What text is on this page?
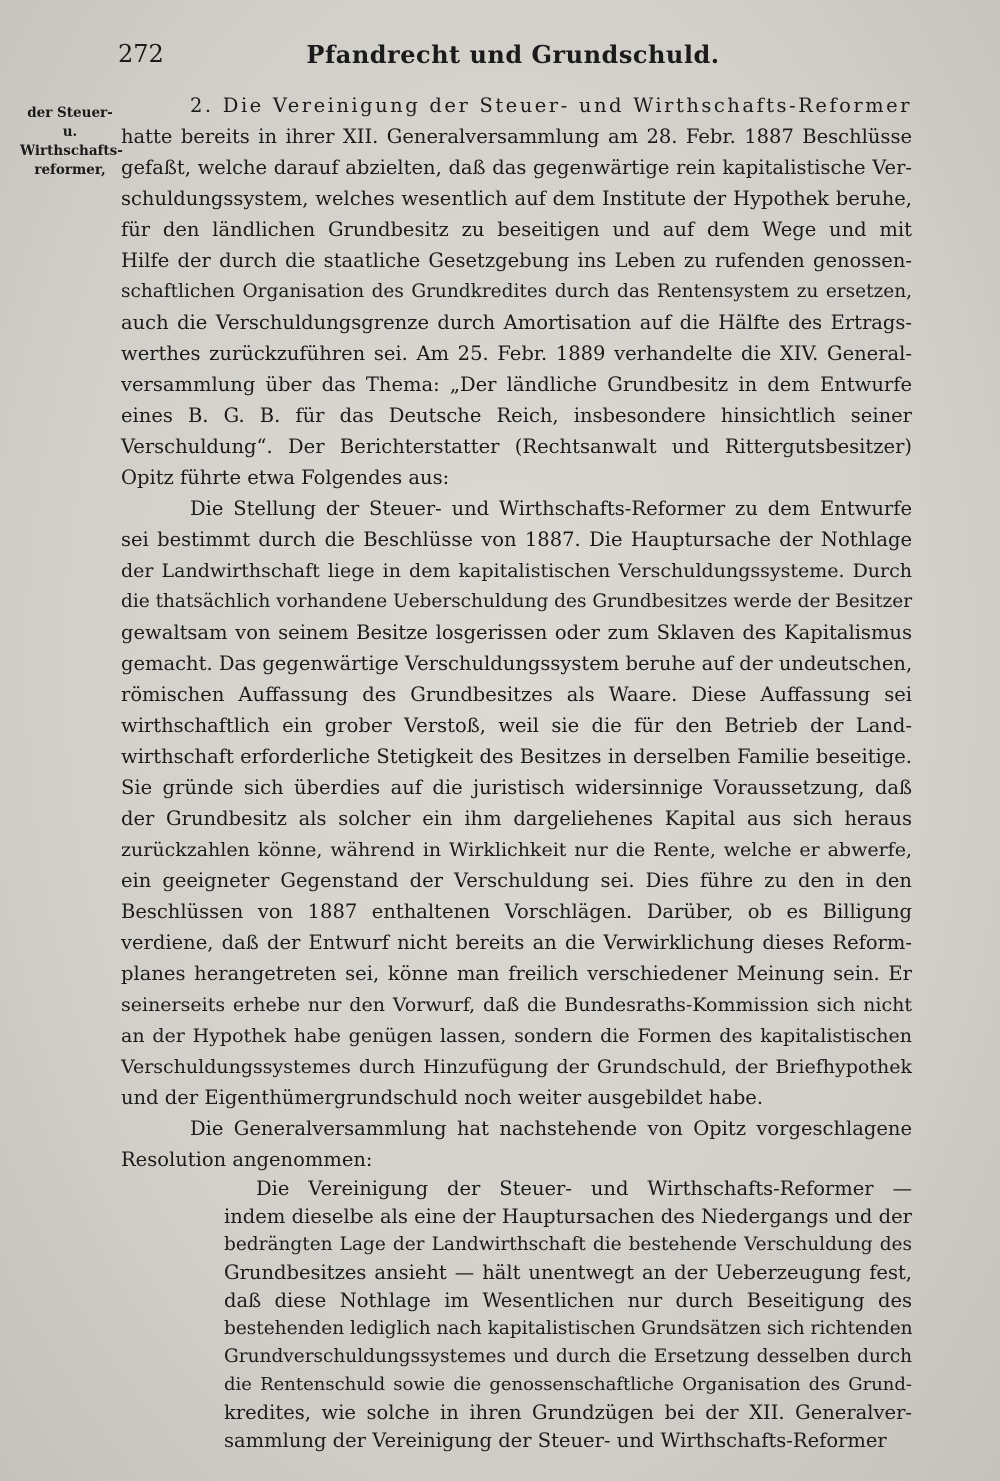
272	Pfandrecht und Grundschuld.
der Steuer- u.
Wirthschafts-
reformer,
2. Die Vereinigung der Steuer- und Wirthschafts-Reformer
hatte bereits in ihrer XII. Generalversammlung am 28. Febr. 1887 Beschlüsse
gefaßt, welche darauf abzielten, daß das gegenwärtige rein kapitalistische Ver-
schuldungssystem, welches wesentlich auf dem Institute der Hypothek beruhe,
für den ländlichen Grundbesitz zu beseitigen und auf dem Wege und mit
Hilfe der durch die staatliche Gesetzgebung ins Leben zu rufenden genossen-
schaftlichen Organisation des Grundkredites durch das Rentensystem zu ersetzen,
auch die Verschuldungsgrenze durch Amortisation auf die Hälfte des Ertrags-
werthes zurückzuführen sei. Am 25. Febr. 1889 verhandelte die XIV. General-
versammlung über das Thema: „Der ländliche Grundbesitz in dem Entwurfe
eines B. G. B. für das Deutsche Reich, insbesondere hinsichtlich seiner
Verschuldung“. Der Berichterstatter (Rechtsanwalt und Rittergutsbesitzer)
Opitz führte etwa Folgendes aus:
Die Stellung der Steuer- und Wirthschafts-Reformer zu dem Entwurfe
sei bestimmt durch die Beschlüsse von 1887. Die Hauptursache der Nothlage
der Landwirthschaft liege in dem kapitalistischen Verschuldungssysteme. Durch
die thatsächlich vorhandene Ueberschuldung des Grundbesitzes werde der Besitzer
gewaltsam von seinem Besitze losgerissen oder zum Sklaven des Kapitalismus
gemacht. Das gegenwärtige Verschuldungssystem beruhe auf der undeutschen,
römischen Auffassung des Grundbesitzes als Waare. Diese Auffassung sei
wirthschaftlich ein grober Verstoß, weil sie die für den Betrieb der Land-
wirthschaft erforderliche Stetigkeit des Besitzes in derselben Familie beseitige.
Sie gründe sich überdies auf die juristisch widersinnige Voraussetzung, daß
der Grundbesitz als solcher ein ihm dargeliehenes Kapital aus sich heraus
zurückzahlen könne, während in Wirklichkeit nur die Rente, welche er abwerfe,
ein geeigneter Gegenstand der Verschuldung sei. Dies führe zu den in den
Beschlüssen von 1887 enthaltenen Vorschlägen. Darüber, ob es Billigung
verdiene, daß der Entwurf nicht bereits an die Verwirklichung dieses Reform-
planes herangetreten sei, könne man freilich verschiedener Meinung sein. Er
seinerseits erhebe nur den Vorwurf, daß die Bundesraths-Kommission sich nicht
an der Hypothek habe genügen lassen, sondern die Formen des kapitalistischen
Verschuldungssystemes durch Hinzufügung der Grundschuld, der Briefhypothek
und der Eigenthümergrundschuld noch weiter ausgebildet habe.
Die Generalversammlung hat nachstehende von Opitz vorgeschlagene
Resolution angenommen:
Die Vereinigung der Steuer- und Wirthschafts-Reformer —
indem dieselbe als eine der Hauptursachen des Niedergangs und der
bedrängten Lage der Landwirthschaft die bestehende Verschuldung des
Grundbesitzes ansieht — hält unentwegt an der Ueberzeugung fest,
daß diese Nothlage im Wesentlichen nur durch Beseitigung des
bestehenden lediglich nach kapitalistischen Grundsätzen sich richtenden
Grundverschuldungssystemes und durch die Ersetzung desselben durch
die Rentenschuld sowie die genossenschaftliche Organisation des Grund-
kredites, wie solche in ihren Grundzügen bei der XII. Generalver-
sammlung der Vereinigung der Steuer- und Wirthschafts-Reformer
